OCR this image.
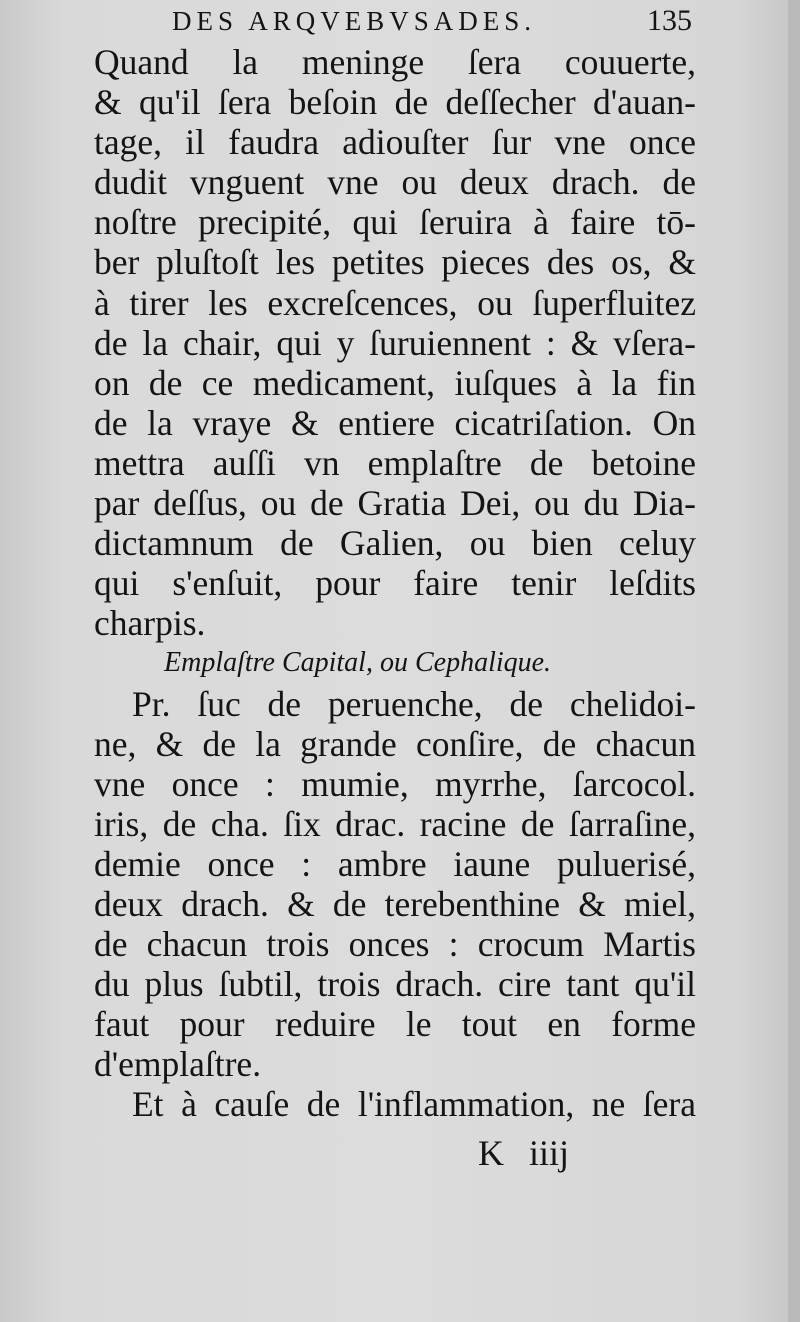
DES ARQVEBVSADES.	135
Quand la meninge ſera couuerte,
& qu'il ſera beſoin de deſſecher d'auan-
tage, il faudra adiouſter ſur vne once
dudit vnguent vne ou deux drach. de
noſtre precipité, qui ſeruira à faire tō-
ber pluſtoſt les petites pieces des os, &
à tirer les excreſcences, ou ſuperfluitez
de la chair, qui y ſuruiennent : & vſera-
on de ce medicament, iuſques à la fin
de la vraye & entiere cicatriſation. On
mettra auſſi vn emplaſtre de betoine
par deſſus, ou de Gratia Dei, ou du Dia-
dictamnum de Galien, ou bien celuy
qui s'enſuit, pour faire tenir leſdits
charpis.
Emplaſtre Capital, ou Cephalique.
Pr. ſuc de peruenche, de chelidoi-
ne, & de la grande conſire, de chacun
vne once : mumie, myrrhe, ſarcocol.
iris, de cha. ſix drac. racine de ſarraſine,
demie once : ambre iaune puluerisé,
deux drach. & de terebenthine & miel,
de chacun trois onces : crocum Martis
du plus ſubtil, trois drach. cire tant qu'il
faut pour reduire le tout en forme
d'emplaſtre.
Et à cauſe de l'inflammation, ne ſera
K iiij
